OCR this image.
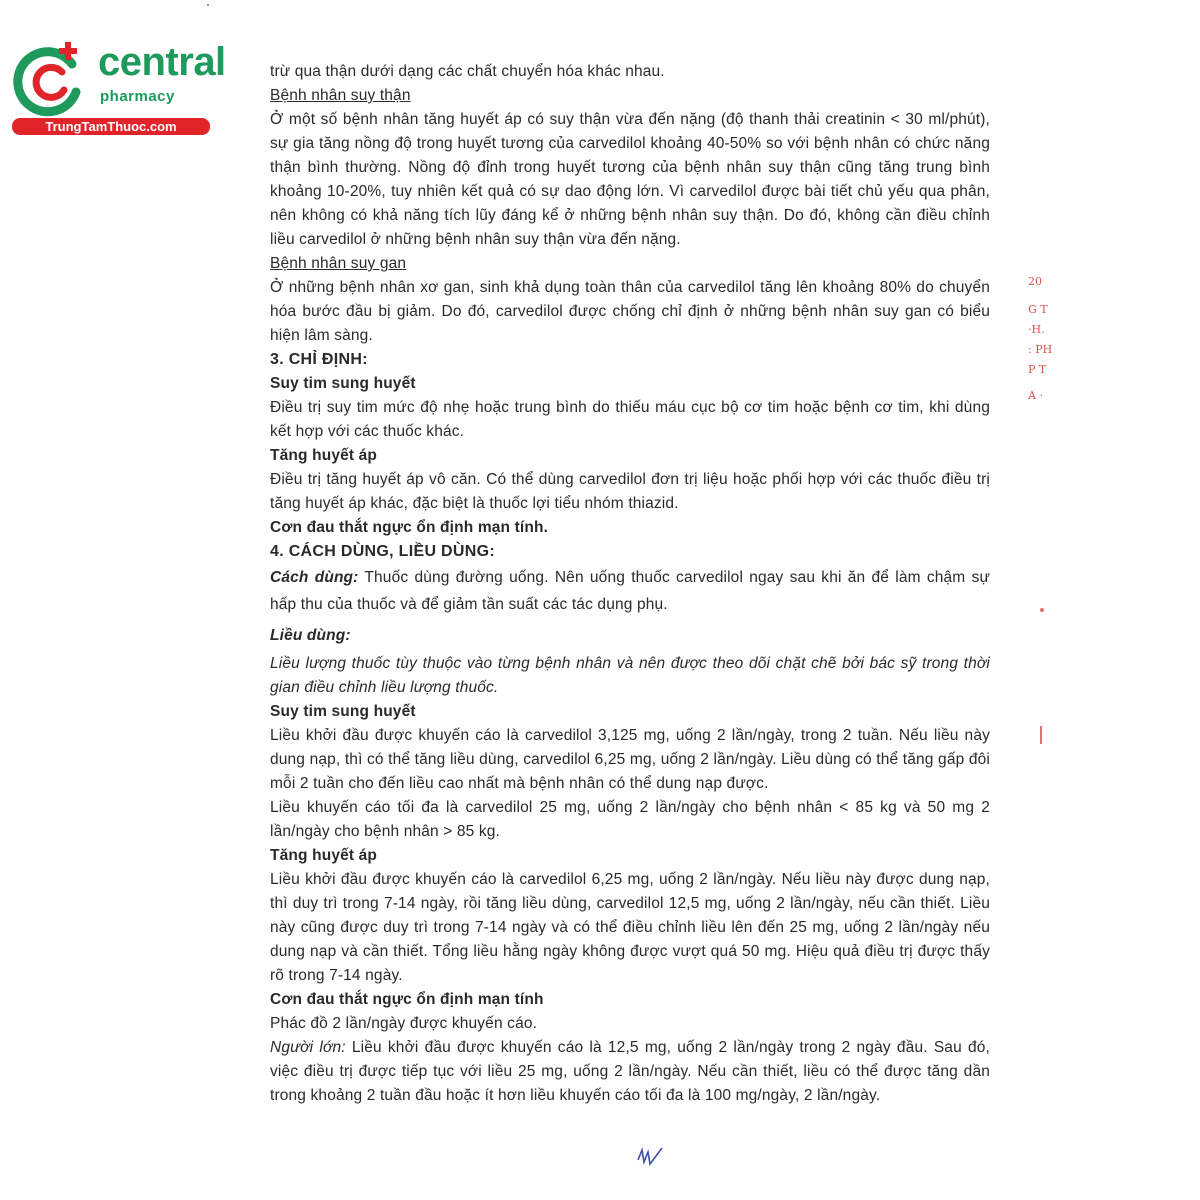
central
pharmacy
TrungTamThuoc.com

trừ qua thận dưới dạng các chất chuyển hóa khác nhau.

Bệnh nhân suy thận

Ở một số bệnh nhân tăng huyết áp có suy thận vừa đến nặng (độ thanh thải creatinin < 30 ml/phút), sự gia tăng nồng độ trong huyết tương của carvedilol khoảng 40-50% so với bệnh nhân có chức năng thận bình thường. Nồng độ đỉnh trong huyết tương của bệnh nhân suy thận cũng tăng trung bình khoảng 10-20%, tuy nhiên kết quả có sự dao động lớn. Vì carvedilol được bài tiết chủ yếu qua phân, nên không có khả năng tích lũy đáng kể ở những bệnh nhân suy thận. Do đó, không cần điều chỉnh liều carvedilol ở những bệnh nhân suy thận vừa đến nặng.

Bệnh nhân suy gan

Ở những bệnh nhân xơ gan, sinh khả dụng toàn thân của carvedilol tăng lên khoảng 80% do chuyển hóa bước đầu bị giảm. Do đó, carvedilol được chống chỉ định ở những bệnh nhân suy gan có biểu hiện lâm sàng.

3. CHỈ ĐỊNH:

Suy tim sung huyết

Điều trị suy tim mức độ nhẹ hoặc trung bình do thiếu máu cục bộ cơ tim hoặc bệnh cơ tim, khi dùng kết hợp với các thuốc khác.

Tăng huyết áp

Điều trị tăng huyết áp vô căn. Có thể dùng carvedilol đơn trị liệu hoặc phối hợp với các thuốc điều trị tăng huyết áp khác, đặc biệt là thuốc lợi tiểu nhóm thiazid.

Cơn đau thắt ngực ổn định mạn tính.

4. CÁCH DÙNG, LIỀU DÙNG:

Cách dùng: Thuốc dùng đường uống. Nên uống thuốc carvedilol ngay sau khi ăn để làm chậm sự hấp thu của thuốc và để giảm tần suất các tác dụng phụ.

Liều dùng:

Liều lượng thuốc tùy thuộc vào từng bệnh nhân và nên được theo dõi chặt chẽ bởi bác sỹ trong thời gian điều chỉnh liều lượng thuốc.

Suy tim sung huyết

Liều khởi đầu được khuyến cáo là carvedilol 3,125 mg, uống 2 lần/ngày, trong 2 tuần. Nếu liều này dung nạp, thì có thể tăng liều dùng, carvedilol 6,25 mg, uống 2 lần/ngày. Liều dùng có thể tăng gấp đôi mỗi 2 tuần cho đến liều cao nhất mà bệnh nhân có thể dung nạp được.

Liều khuyến cáo tối đa là carvedilol 25 mg, uống 2 lần/ngày cho bệnh nhân < 85 kg và 50 mg 2 lần/ngày cho bệnh nhân > 85 kg.

Tăng huyết áp

Liều khởi đầu được khuyến cáo là carvedilol 6,25 mg, uống 2 lần/ngày. Nếu liều này được dung nạp, thì duy trì trong 7-14 ngày, rồi tăng liều dùng, carvedilol 12,5 mg, uống 2 lần/ngày, nếu cần thiết. Liều này cũng được duy trì trong 7-14 ngày và có thể điều chỉnh liều lên đến 25 mg, uống 2 lần/ngày nếu dung nạp và cần thiết. Tổng liều hằng ngày không được vượt quá 50 mg. Hiệu quả điều trị được thấy rõ trong 7-14 ngày.

Cơn đau thắt ngực ổn định mạn tính

Phác đồ 2 lần/ngày được khuyến cáo.

Người lớn: Liều khởi đầu được khuyến cáo là 12,5 mg, uống 2 lần/ngày trong 2 ngày đầu. Sau đó, việc điều trị được tiếp tục với liều 25 mg, uống 2 lần/ngày. Nếu cần thiết, liều có thể được tăng dần trong khoảng 2 tuần đầu hoặc ít hơn liều khuyến cáo tối đa là 100 mg/ngày, 2 lần/ngày.

20
G T
·H.
: PH
P T
A ·
